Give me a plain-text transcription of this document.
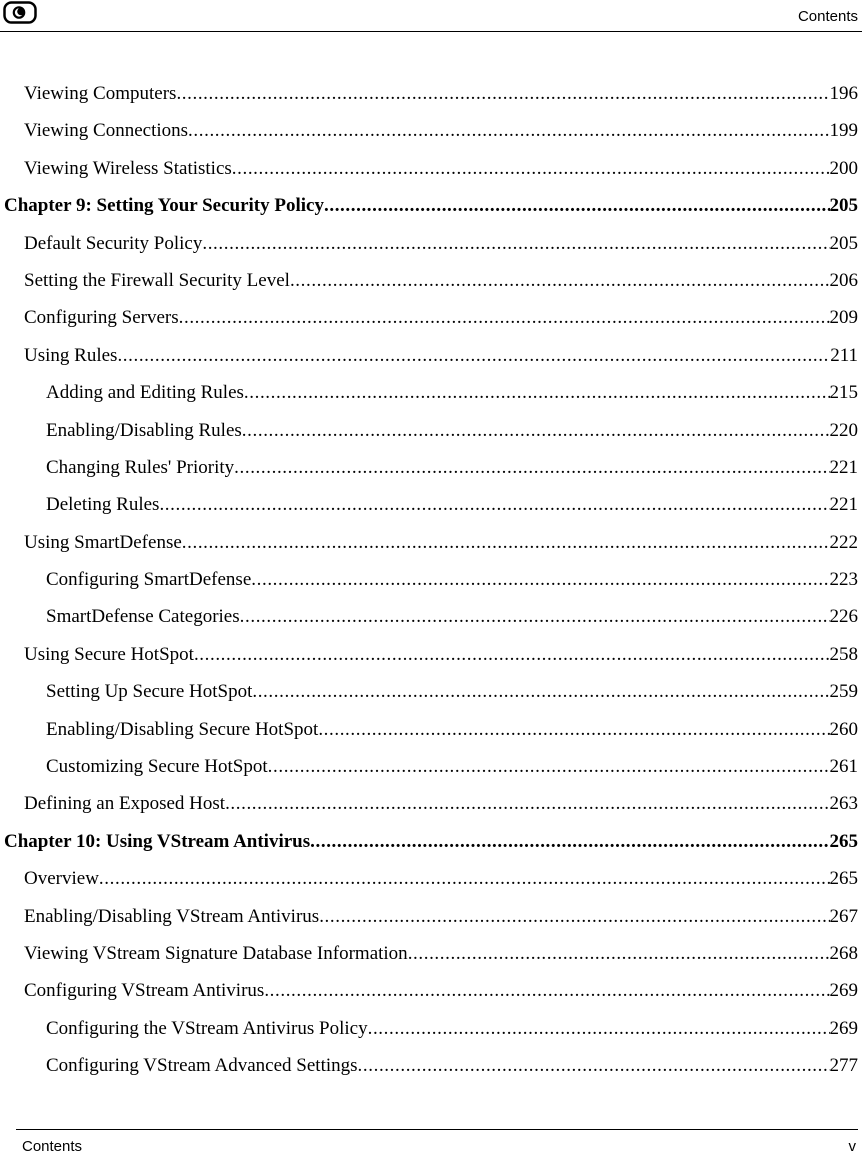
Contents
Viewing Computers .....	196
Viewing Connections .....	199
Viewing Wireless Statistics .....	200
Chapter 9: Setting Your Security Policy .....	205
Default Security Policy .....	205
Setting the Firewall Security Level .....	206
Configuring Servers .....	209
Using Rules .....	211
Adding and Editing Rules .....	215
Enabling/Disabling Rules .....	220
Changing Rules' Priority .....	221
Deleting Rules .....	221
Using SmartDefense .....	222
Configuring SmartDefense .....	223
SmartDefense Categories .....	226
Using Secure HotSpot .....	258
Setting Up Secure HotSpot .....	259
Enabling/Disabling Secure HotSpot .....	260
Customizing Secure HotSpot .....	261
Defining an Exposed Host .....	263
Chapter 10: Using VStream Antivirus .....	265
Overview .....	265
Enabling/Disabling VStream Antivirus .....	267
Viewing VStream Signature Database Information .....	268
Configuring VStream Antivirus .....	269
Configuring the VStream Antivirus Policy .....	269
Configuring VStream Advanced Settings .....	277
Contents	v
